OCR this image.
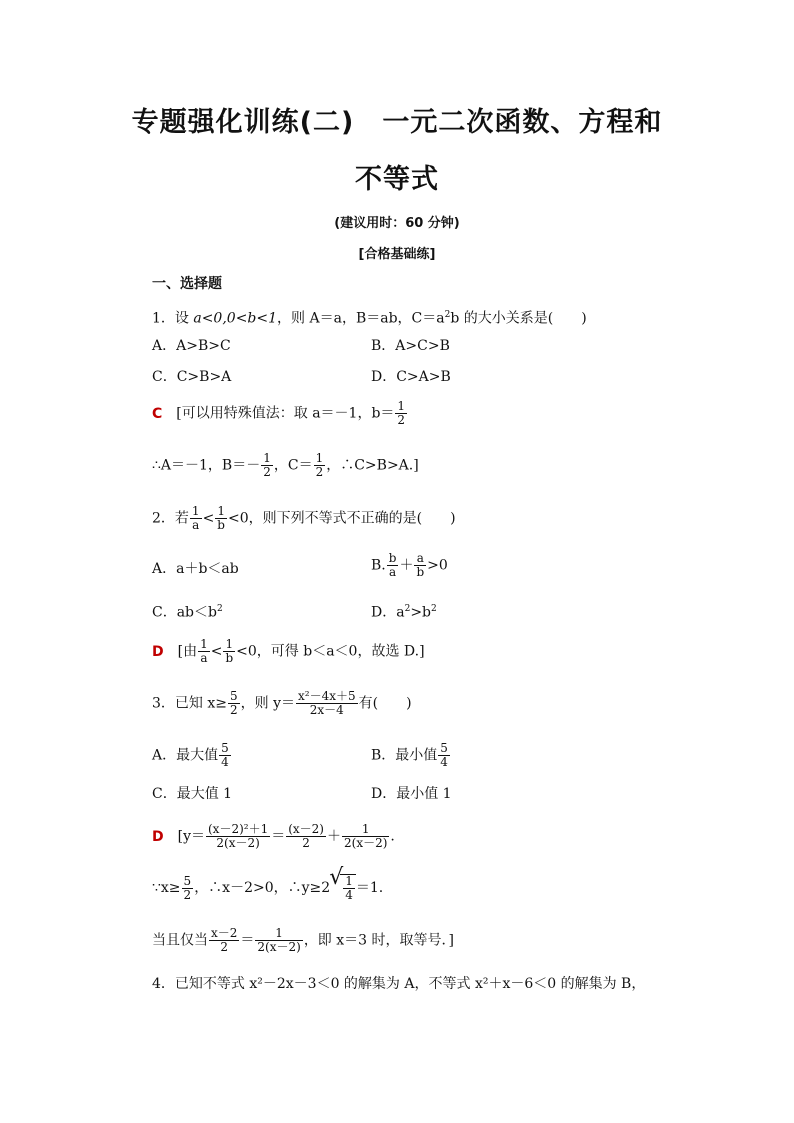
专题强化训练(二)　一元二次函数、方程和
不等式
(建议用时：60 分钟)
[合格基础练]
一、选择题
1．设 a<0,0<b<1，则 A＝a，B＝ab，$C=a^2b$ 的大小关系是(　　)
A．A>B>C	B．A>C>B
C．C>B>A	D．C>A>B
C [可以用特殊值法：取 a＝－1，$b= \frac{1}{2}$
∴A＝－1，$B=- \frac{1}{2}$ ，$C= \frac{1}{2}$ ，∴C>B>A.]
2．若 $\frac{1}{a} < \frac{1}{b} <0$，则下列不等式不正确的是(　　)
A．a＋b＜ab	B. $\frac{b}{a} + \frac{a}{b} >0$
C．$ab<b^2$	D．$a^2>b^2$
D [由 $\frac{1}{a} < \frac{1}{b} <0$，可得 b＜a＜0，故选 D.]
3．已知 $x\ge \frac{5}{2}$ ，则 $y= \frac{\text{x²－4x＋5}}{2x-4}$ 有(　　)
A．最大值 $\frac{5}{4}$	B．最小值 $\frac{5}{4}$
C．最大值 1	D．最小值 1
D [$y= \frac{\text{(x－2)²＋1}}{2(x-2)} = \frac{(x-2)}{2} + \frac{1}{2(x-2)}$ .
∵x≥ $\frac{5}{2}$ ，∴x－2>0，∴y≥2
√ $\frac{1}{4} =1$.
当且仅当 $\frac{x-2}{2} = \frac{1}{2(x-2)}$ ，即 x＝3 时，取等号．]
4．已知不等式 x²－2x－3＜0 的解集为 A，不等式 x²＋x－6＜0 的解集为 B，
